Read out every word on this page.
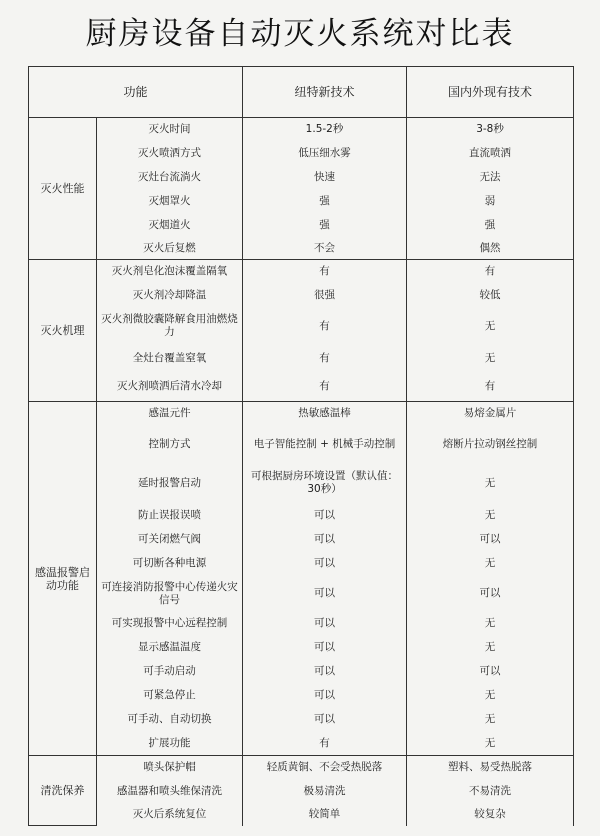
厨房设备自动灭火系统对比表
功能		纽特新技术	国内外现有技术
灭火性能	灭火时间	1.5-2秒	3-8秒
	灭火喷洒方式	低压细水雾	直流喷洒
	灭灶台流淌火	快速	无法
	灭烟罩火	强	弱
	灭烟道火	强	强
	灭火后复燃	不会	偶然
灭火机理	灭火剂皂化泡沫覆盖隔氧	有	有
	灭火剂冷却降温	很强	较低
	灭火剂微胶囊降解食用油燃烧力	有	无
	全灶台覆盖窒氧	有	无
	灭火剂喷洒后清水冷却	有	有
感温报警启动功能	感温元件	热敏感温棒	易熔金属片
	控制方式	电子智能控制 + 机械手动控制	熔断片拉动钢丝控制
	延时报警启动	可根据厨房环境设置（默认值：30秒）	无
	防止误报误喷	可以	无
	可关闭燃气阀	可以	可以
	可切断各种电源	可以	无
	可连接消防报警中心传递火灾信号	可以	可以
	可实现报警中心远程控制	可以	无
	显示感温温度	可以	无
	可手动启动	可以	可以
	可紧急停止	可以	无
	可手动、自动切换	可以	无
	扩展功能	有	无
清洗保养	喷头保护帽	轻质黄铜、不会受热脱落	塑料、易受热脱落
	感温器和喷头维保清洗	极易清洗	不易清洗
	灭火后系统复位	较简单	较复杂
